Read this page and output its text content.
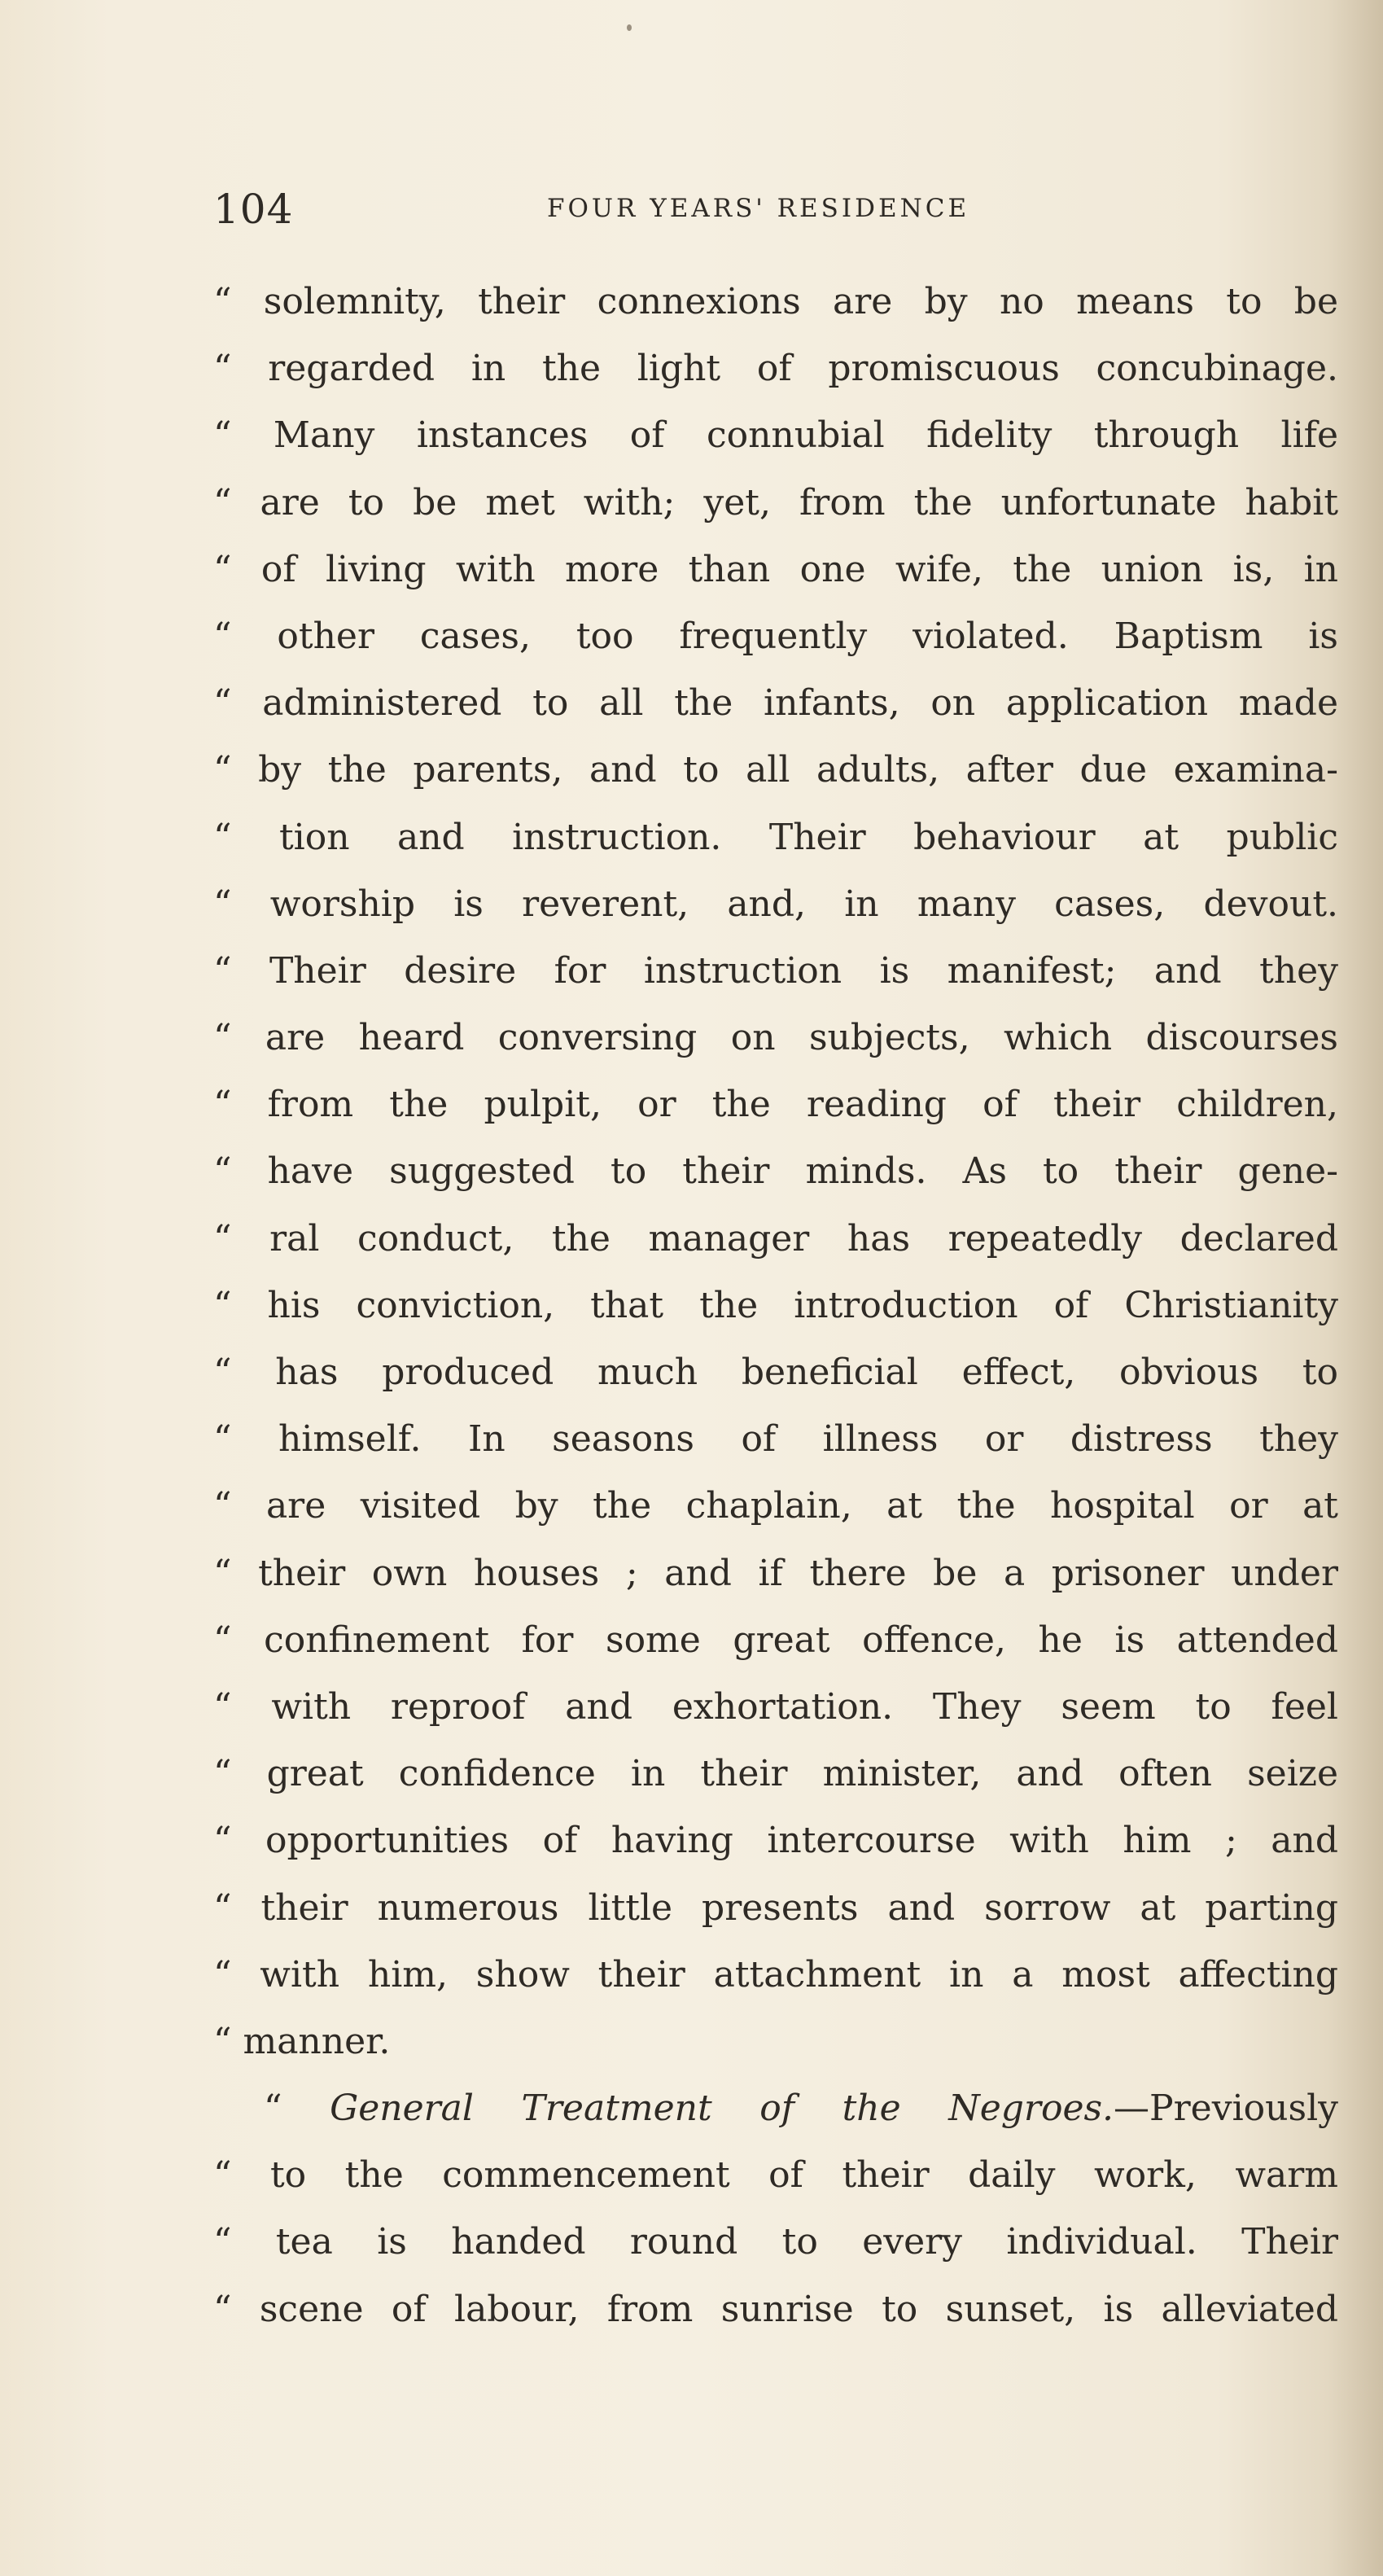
104	FOUR YEARS' RESIDENCE
“ solemnity, their connexions are by no means to be
“ regarded in the light of promiscuous concubinage.
“ Many instances of connubial fidelity through life
“ are to be met with; yet, from the unfortunate habit
“ of living with more than one wife, the union is, in
“ other cases, too frequently violated. Baptism is
“ administered to all the infants, on application made
“ by the parents, and to all adults, after due examina-
“ tion and instruction. Their behaviour at public
“ worship is reverent, and, in many cases, devout.
“ Their desire for instruction is manifest; and they
“ are heard conversing on subjects, which discourses
“ from the pulpit, or the reading of their children,
“ have suggested to their minds. As to their gene-
“ ral conduct, the manager has repeatedly declared
“ his conviction, that the introduction of Christianity
“ has produced much beneficial effect, obvious to
“ himself. In seasons of illness or distress they
“ are visited by the chaplain, at the hospital or at
“ their own houses ; and if there be a prisoner under
“ confinement for some great offence, he is attended
“ with reproof and exhortation. They seem to feel
“ great confidence in their minister, and often seize
“ opportunities of having intercourse with him ; and
“ their numerous little presents and sorrow at parting
“ with him, show their attachment in a most affecting
“ manner.
“ General Treatment of the Negroes.—Previously
“ to the commencement of their daily work, warm
“ tea is handed round to every individual. Their
“ scene of labour, from sunrise to sunset, is alleviated
